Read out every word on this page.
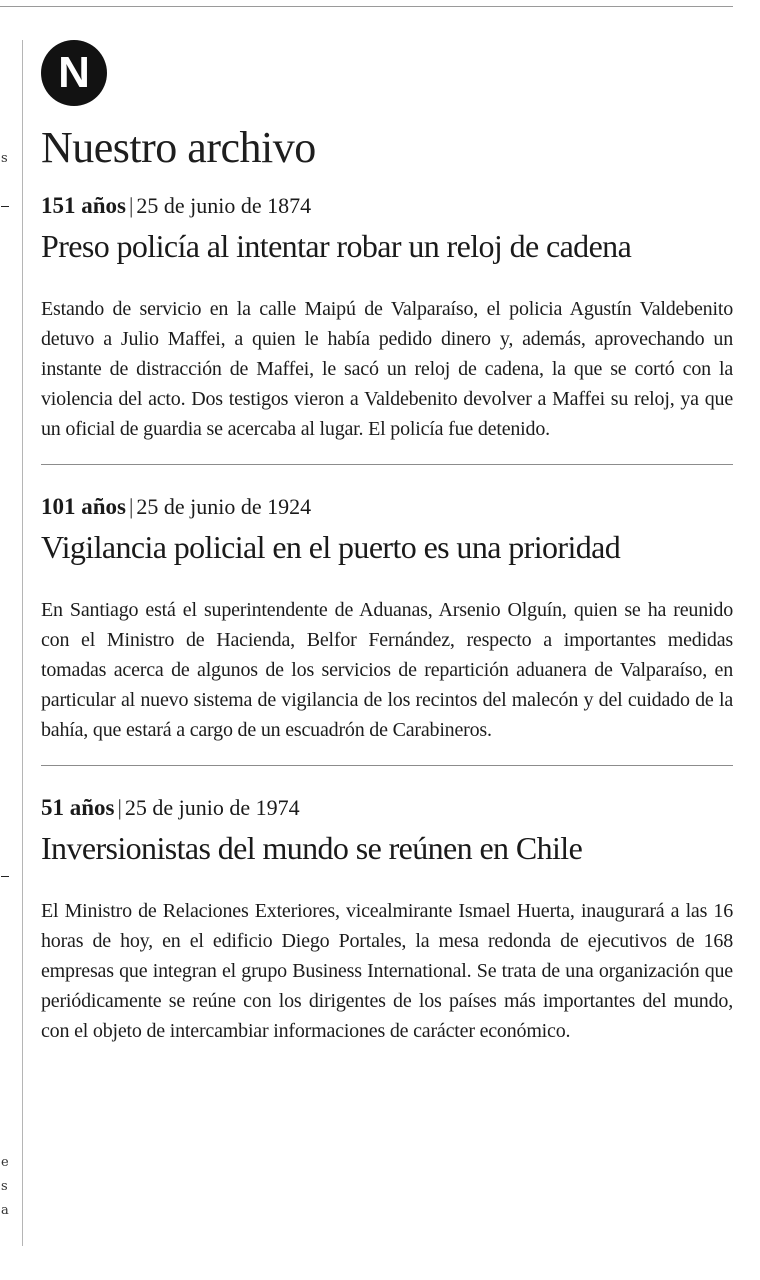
s
e
s
a
N
Nuestro archivo
151 años | 25 de junio de 1874
Preso policía al intentar robar un reloj de cadena
Estando de servicio en la calle Maipú de Valparaíso, el policia Agustín Valdebenito detuvo a Julio Maffei, a quien le había pedido dinero y, además, aprovechando un instante de distracción de Maffei, le sacó un reloj de cadena, la que se cortó con la violencia del acto. Dos testigos vieron a Valdebenito devolver a Maffei su reloj, ya que un oficial de guardia se acercaba al lugar. El policía fue detenido.
101 años | 25 de junio de 1924
Vigilancia policial en el puerto es una prioridad
En Santiago está el superintendente de Aduanas, Arsenio Olguín, quien se ha reunido con el Ministro de Hacienda, Belfor Fernández, respecto a importantes medidas tomadas acerca de algunos de los servicios de repartición aduanera de Valparaíso, en particular al nuevo sistema de vigilancia de los recintos del malecón y del cuidado de la bahía, que estará a cargo de un escuadrón de Carabineros.
51 años | 25 de junio de 1974
Inversionistas del mundo se reúnen en Chile
El Ministro de Relaciones Exteriores, vicealmirante Ismael Huerta, inaugurará a las 16 horas de hoy, en el edificio Diego Portales, la mesa redonda de ejecutivos de 168 empresas que integran el grupo Business International. Se trata de una organización que periódicamente se reúne con los dirigentes de los países más importantes del mundo, con el objeto de intercambiar informaciones de carácter económico.
